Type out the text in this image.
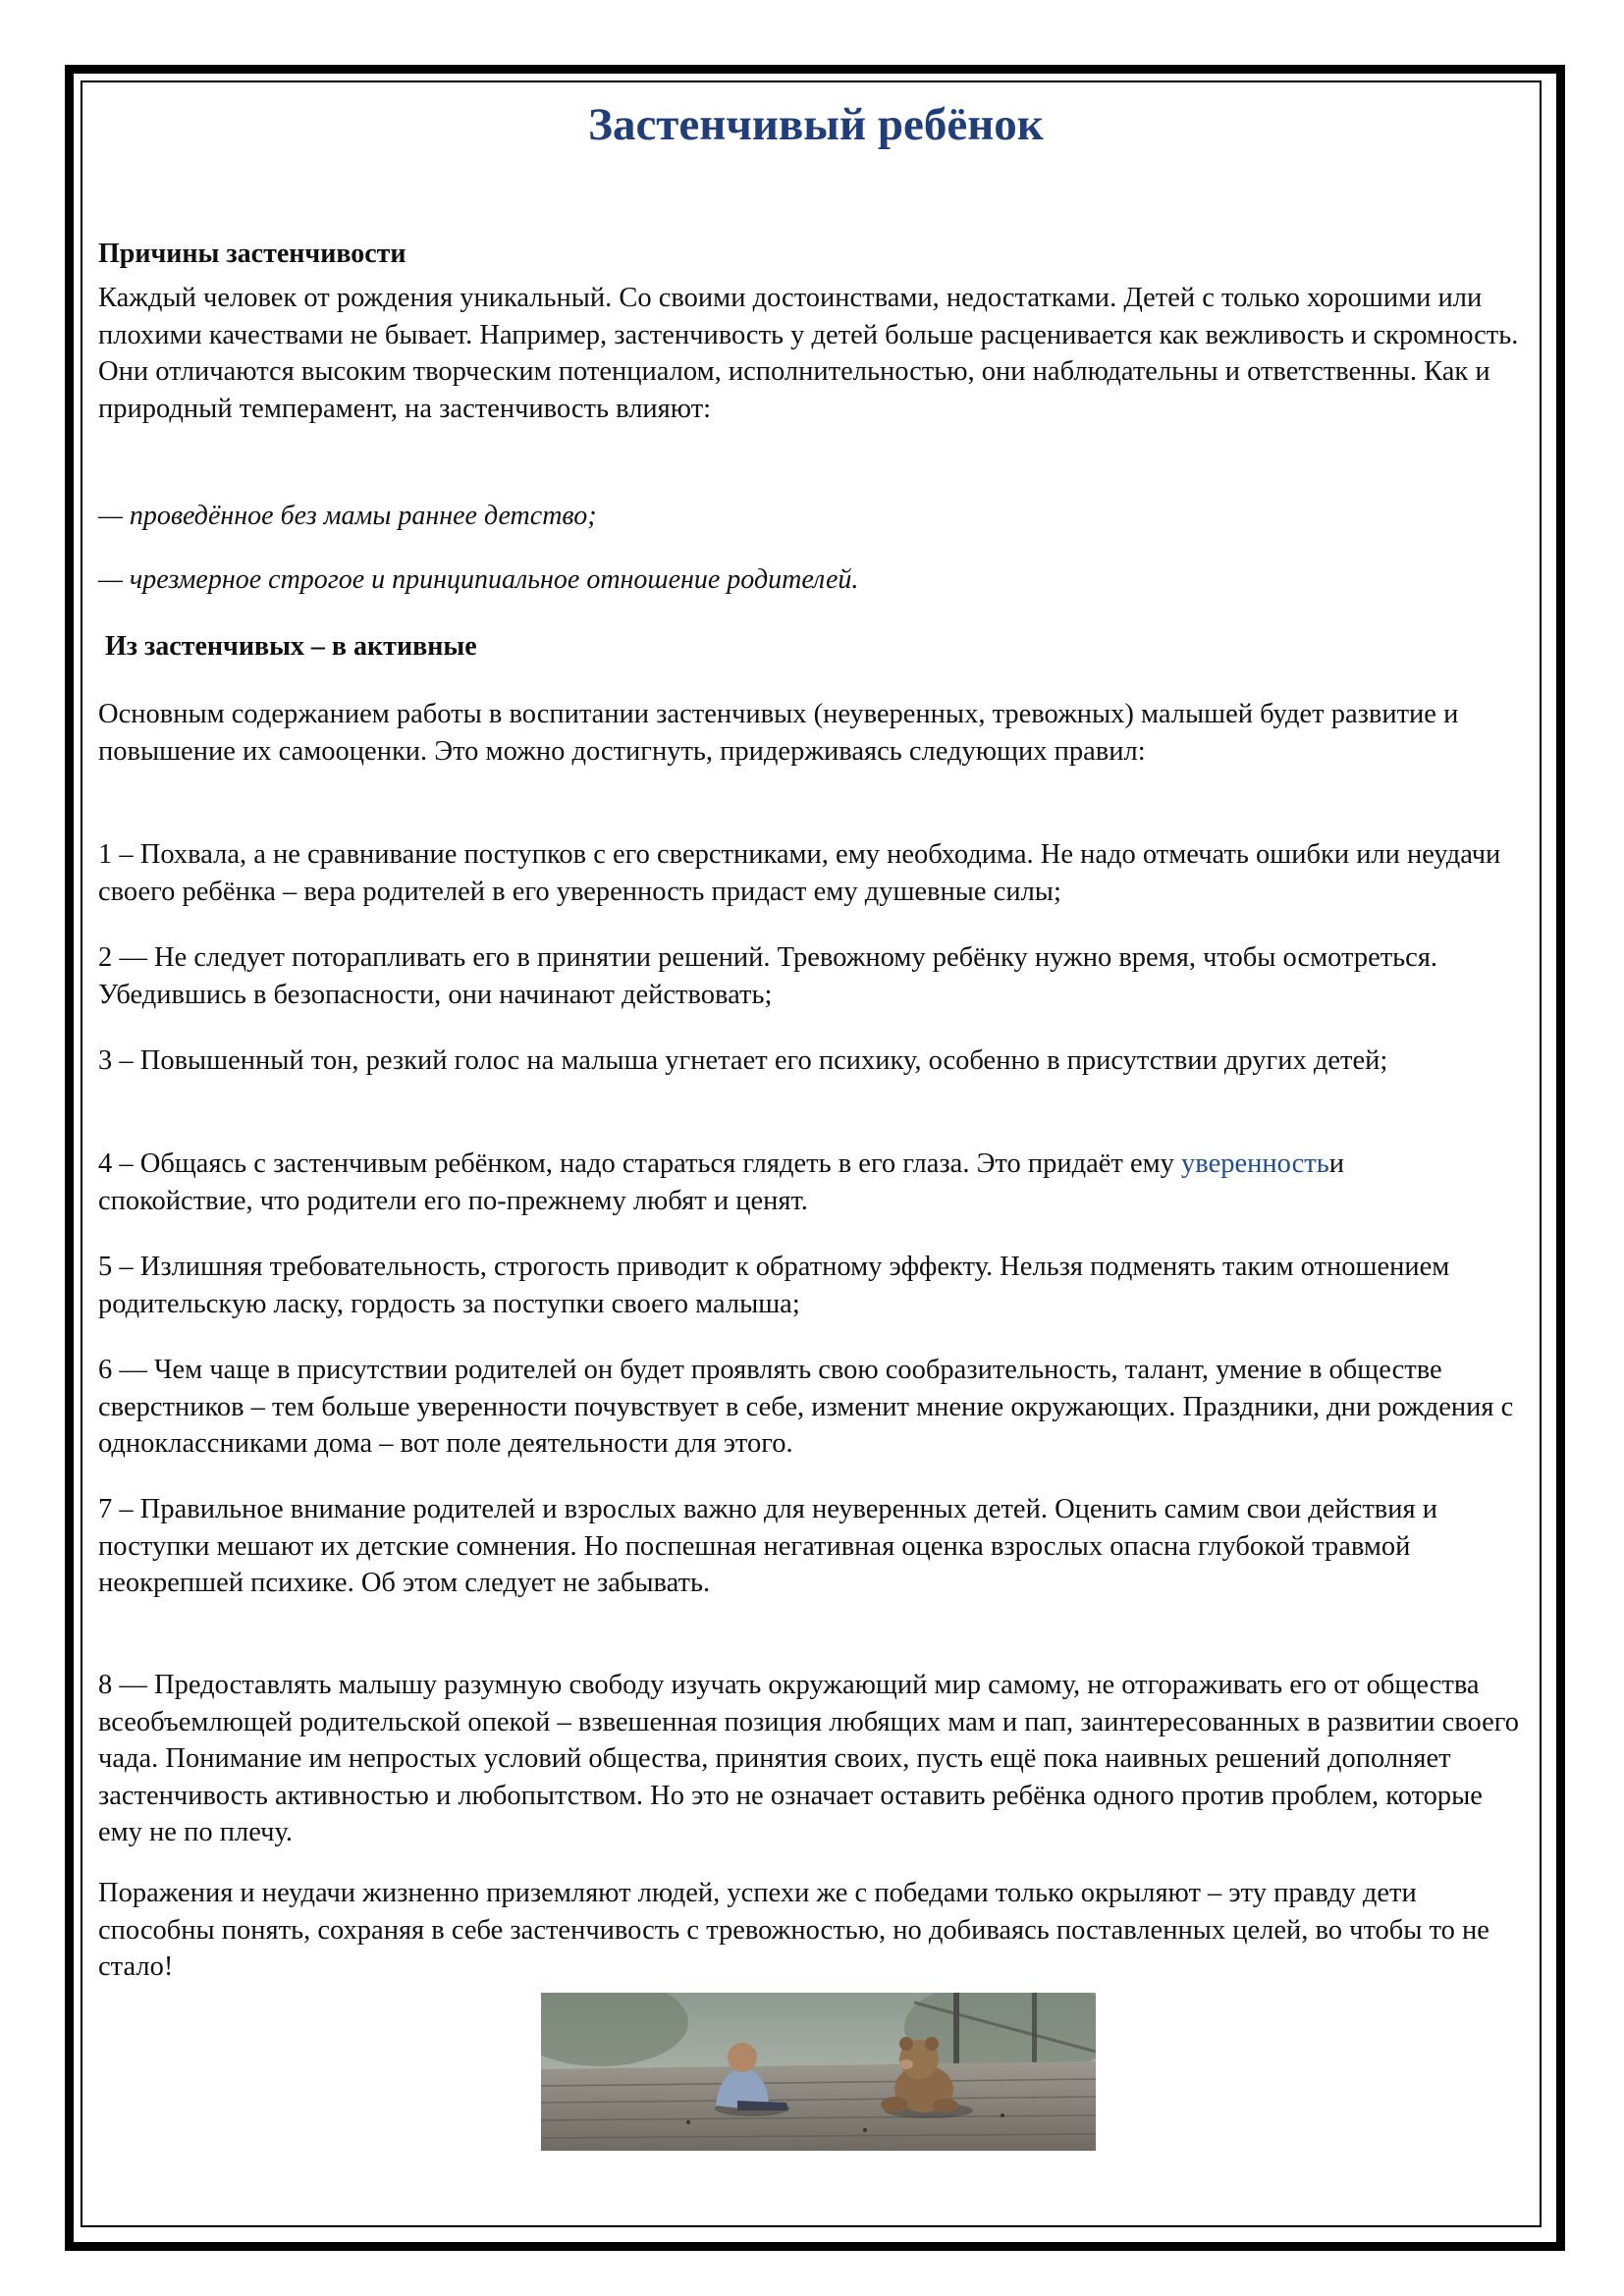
Застенчивый ребёнок

Причины застенчивости

Каждый человек от рождения уникальный. Со своими достоинствами, недостатками. Детей с только хорошими или плохими качествами не бывает. Например, застенчивость у детей больше расценивается как вежливость и скромность. Они отличаются высоким творческим потенциалом, исполнительностью, они наблюдательны и ответственны. Как и природный темперамент, на застенчивость влияют:

— проведённое без мамы раннее детство;

— чрезмерное строгое и принципиальное отношение родителей.

Из застенчивых – в активные

Основным содержанием работы в воспитании застенчивых (неуверенных, тревожных) малышей будет развитие и повышение их самооценки. Это можно достигнуть, придерживаясь следующих правил:

1 – Похвала, а не сравнивание поступков с его сверстниками, ему необходима. Не надо отмечать ошибки или неудачи своего ребёнка – вера родителей в его уверенность придаст ему душевные силы;

2 — Не следует поторапливать его в принятии решений. Тревожному ребёнку нужно время, чтобы осмотреться. Убедившись в безопасности, они начинают действовать;

3 – Повышенный тон, резкий голос на малыша угнетает его психику, особенно в присутствии других детей;

4 – Общаясь с застенчивым ребёнком, надо стараться глядеть в его глаза. Это придаёт ему уверенностьи спокойствие, что родители его по-прежнему любят и ценят.

5 – Излишняя требовательность, строгость приводит к обратному эффекту. Нельзя подменять таким отношением родительскую ласку, гордость за поступки своего малыша;

6 — Чем чаще в присутствии родителей он будет проявлять свою сообразительность, талант, умение в обществе сверстников – тем больше уверенности почувствует в себе, изменит мнение окружающих. Праздники, дни рождения с одноклассниками дома – вот поле деятельности для этого.

7 – Правильное внимание родителей и взрослых важно для неуверенных детей. Оценить самим свои действия и поступки мешают их детские сомнения. Но поспешная негативная оценка взрослых опасна глубокой травмой неокрепшей психике. Об этом следует не забывать.

8 — Предоставлять малышу разумную свободу изучать окружающий мир самому, не отгораживать его от общества всеобъемлющей родительской опекой – взвешенная позиция любящих мам и пап, заинтересованных в развитии своего чада. Понимание им непростых условий общества, принятия своих, пусть ещё пока наивных решений дополняет застенчивость активностью и любопытством. Но это не означает оставить ребёнка одного против проблем, которые ему не по плечу.

Поражения и неудачи жизненно приземляют людей, успехи же с победами только окрыляют – эту правду дети способны понять, сохраняя в себе застенчивость с тревожностью, но добиваясь поставленных целей, во чтобы то не стало!
